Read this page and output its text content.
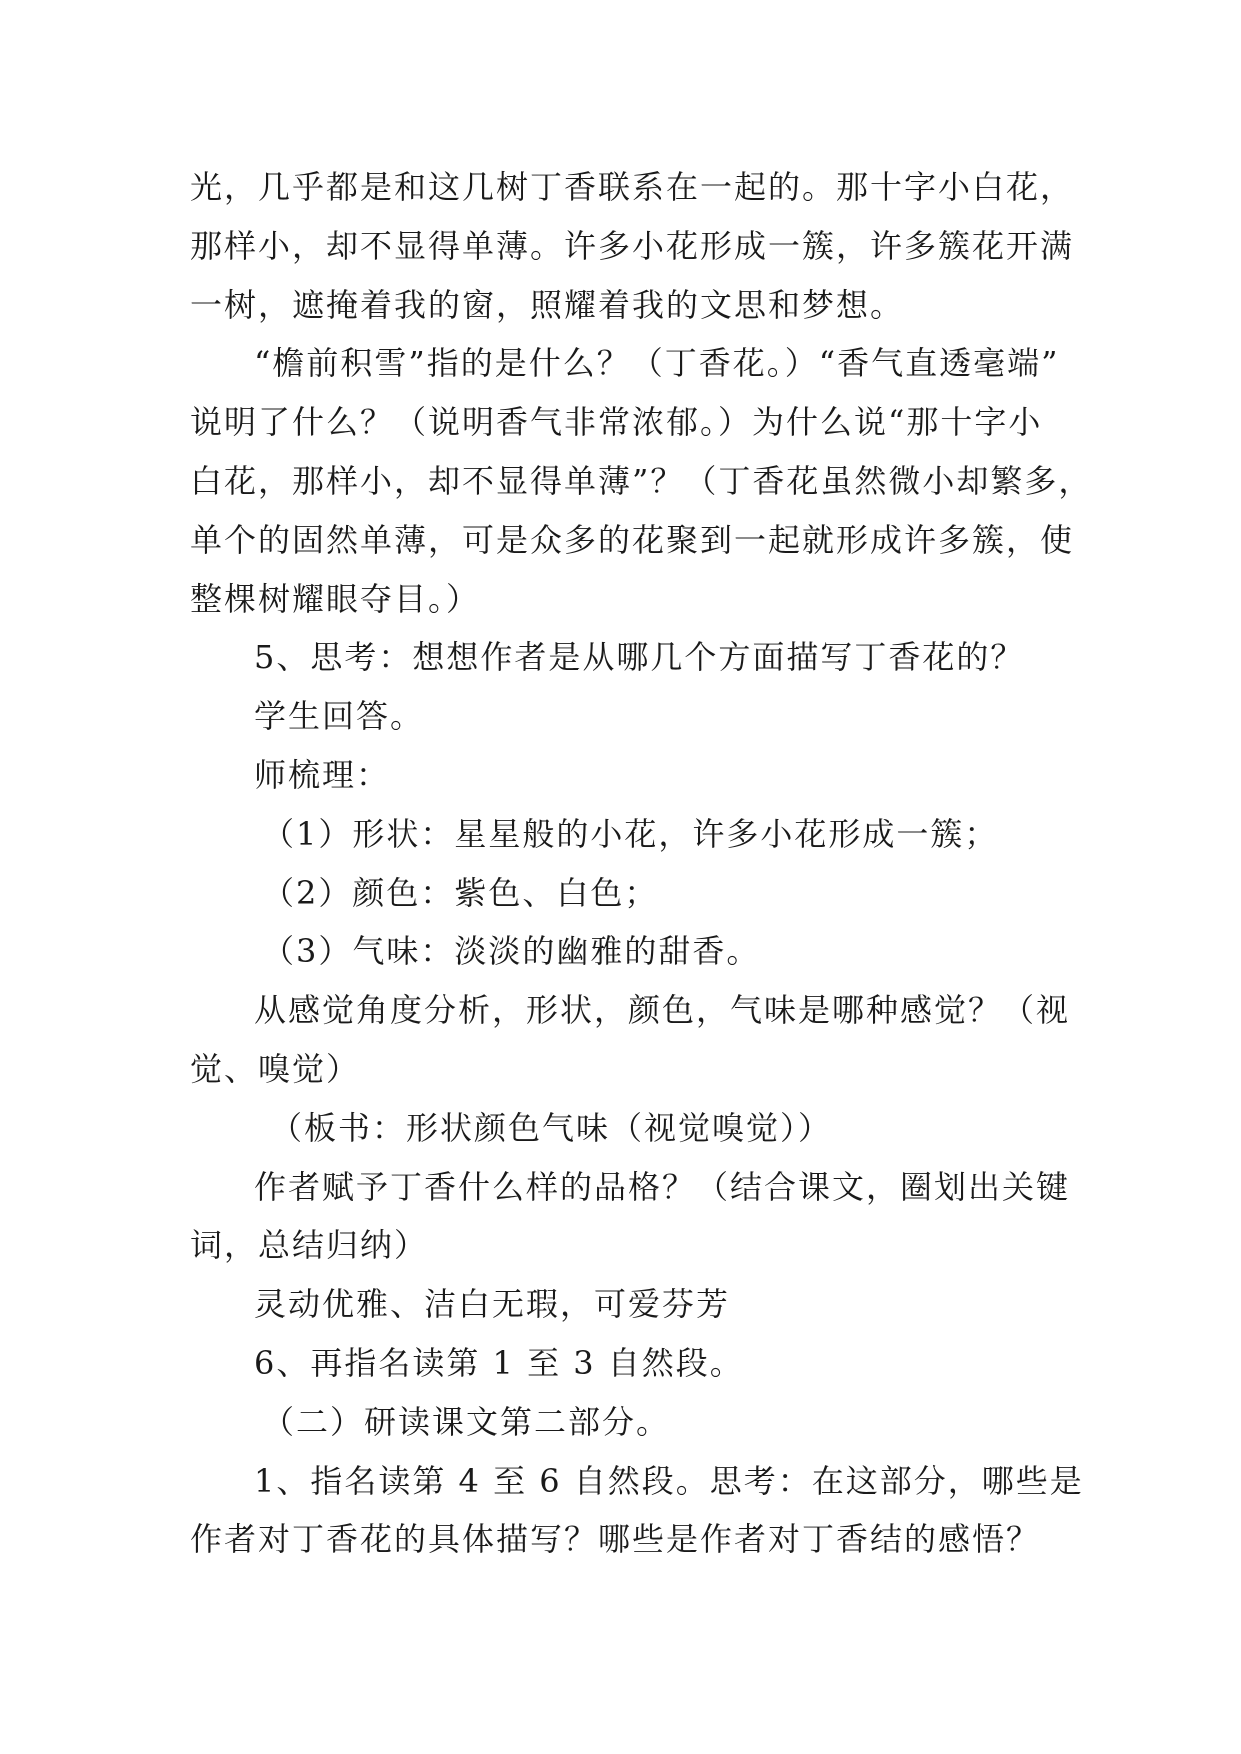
光，几乎都是和这几树丁香联系在一起的。那十字小白花，
那样小，却不显得单薄。许多小花形成一簇，许多簇花开满
一树，遮掩着我的窗，照耀着我的文思和梦想。
“檐前积雪”指的是什么？（丁香花。）“香气直透毫端”
说明了什么？（说明香气非常浓郁。）为什么说“那十字小
白花，那样小，却不显得单薄”？（丁香花虽然微小却繁多，
单个的固然单薄，可是众多的花聚到一起就形成许多簇，使
整棵树耀眼夺目。）
5、思考：想想作者是从哪几个方面描写丁香花的？
学生回答。
师梳理：
（1）形状：星星般的小花，许多小花形成一簇；
（2）颜色：紫色、白色；
（3）气味：淡淡的幽雅的甜香。
从感觉角度分析，形状，颜色，气味是哪种感觉？（视
觉、嗅觉）
（板书：形状颜色气味（视觉嗅觉））
作者赋予丁香什么样的品格？（结合课文，圈划出关键
词，总结归纳）
灵动优雅、洁白无瑕，可爱芬芳
6、再指名读第 1 至 3 自然段。
（二）研读课文第二部分。
1、指名读第 4 至 6 自然段。思考：在这部分，哪些是
作者对丁香花的具体描写？哪些是作者对丁香结的感悟？
